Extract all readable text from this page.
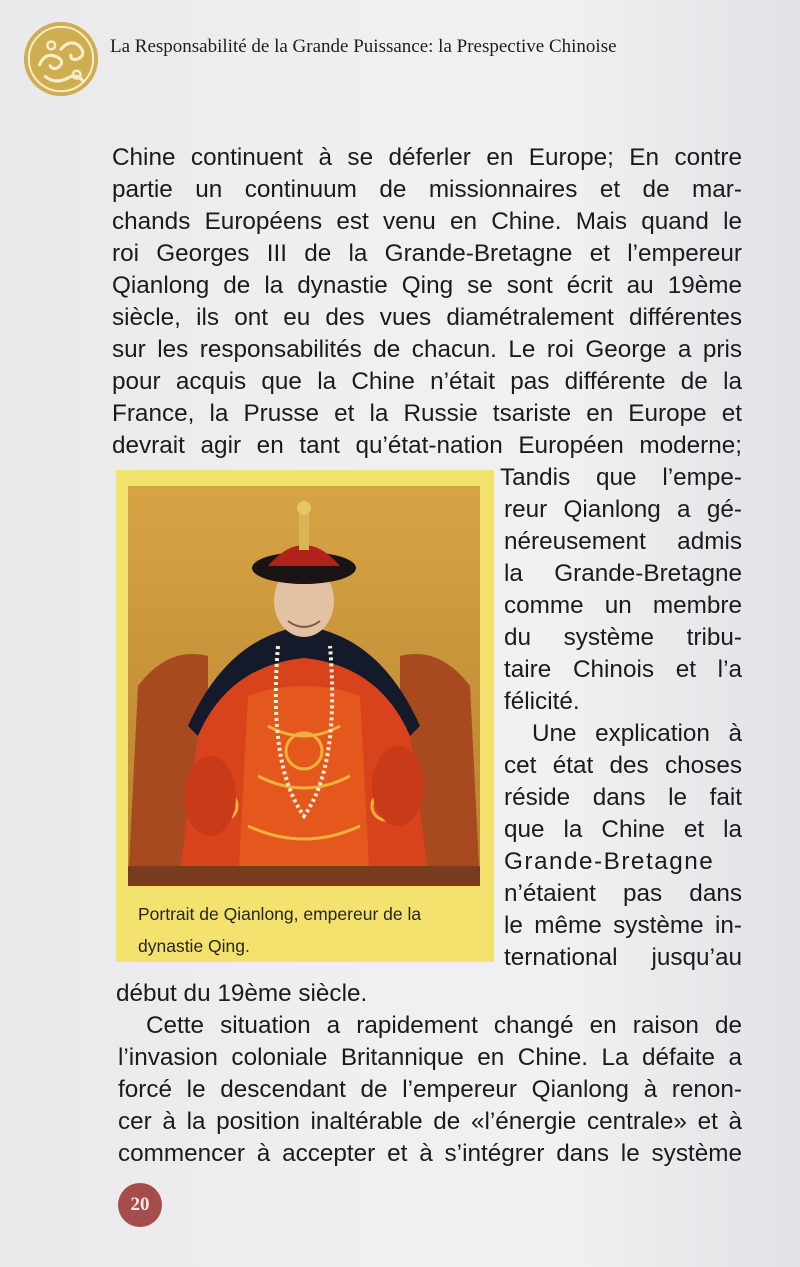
La Responsabilité de la Grande Puissance: la Prespective Chinoise
Chine continuent à se déferler en Europe; En contre
partie un continuum de missionnaires et de mar-
chands Européens est venu en Chine. Mais quand le
roi Georges III de la Grande-Bretagne et l’empereur
Qianlong de la dynastie Qing se sont écrit au 19ème
siècle, ils ont eu des vues diamétralement différentes
sur les responsabilités de chacun. Le roi George a pris
pour acquis que la Chine n’était pas différente de la
France, la Prusse et la Russie tsariste en Europe et
devrait agir en tant qu’état-nation Européen moderne;
Portrait de Qianlong, empereur de la
dynastie Qing.
Tandis que l’empe-
reur Qianlong a gé-
néreusement admis
la Grande-Bretagne
comme un membre
du système tribu-
taire Chinois et l’a
félicité.
Une explication à
cet état des choses
réside dans le fait
que la Chine et la
Grande-Bretagne
n’étaient pas dans
le même système in-
ternational jusqu’au
début du 19ème siècle.
Cette situation a rapidement changé en raison de
l’invasion coloniale Britannique en Chine. La défaite a
forcé le descendant de l’empereur Qianlong à renon-
cer à la position inaltérable de «l’énergie centrale» et à
commencer à accepter et à s’intégrer dans le système
20
